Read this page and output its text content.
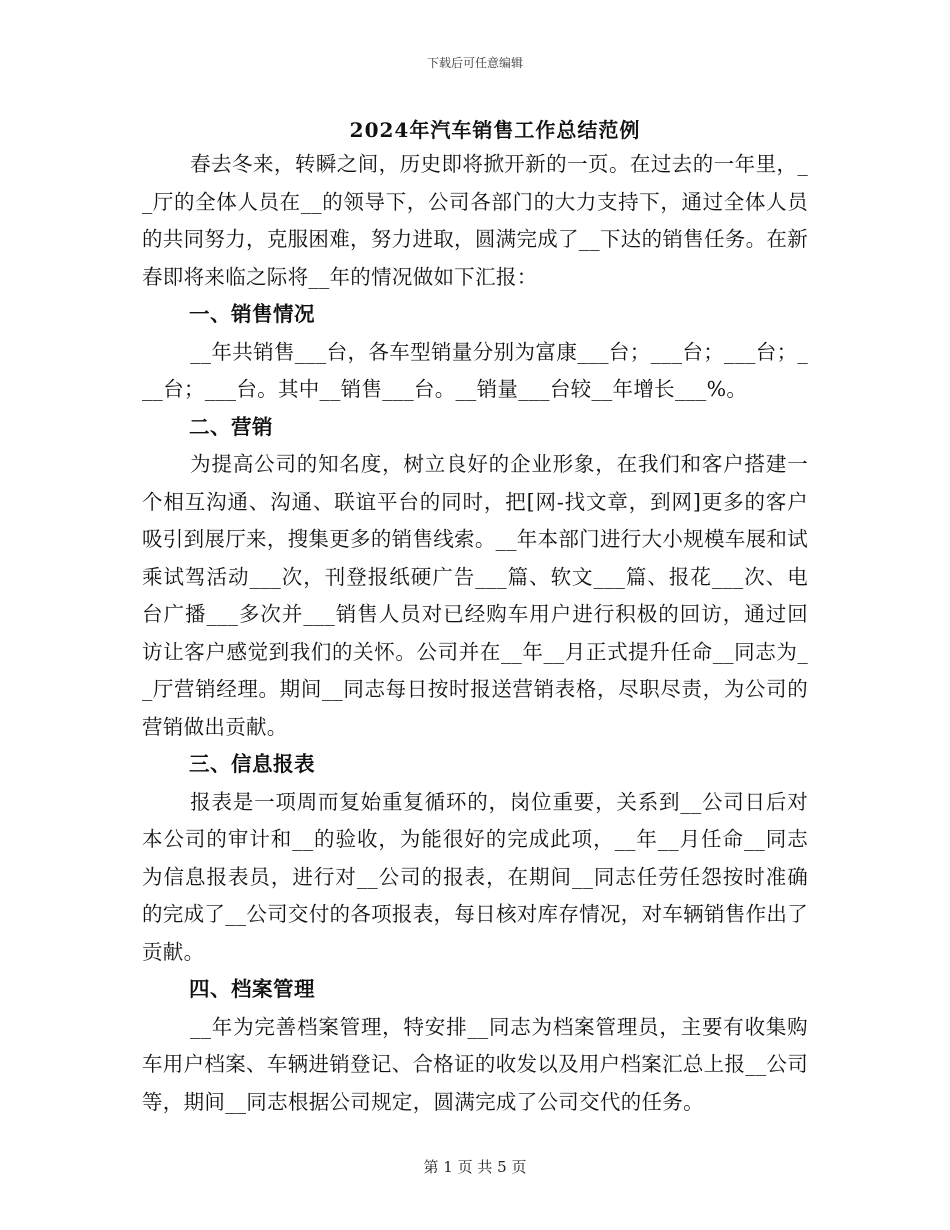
下载后可任意编辑
2024年汽车销售工作总结范例

春去冬来，转瞬之间，历史即将掀开新的一页。在过去的一年里，__厅的全体人员在__的领导下，公司各部门的大力支持下，通过全体人员的共同努力，克服困难，努力进取，圆满完成了__下达的销售任务。在新春即将来临之际将__年的情况做如下汇报：

一、销售情况

__年共销售___台，各车型销量分别为富康___台；___台；___台；___台；___台。其中__销售___台。__销量___台较__年增长___%。

二、营销

为提高公司的知名度，树立良好的企业形象，在我们和客户搭建一个相互沟通、沟通、联谊平台的同时，把[网-找文章，到网]更多的客户吸引到展厅来，搜集更多的销售线索。__年本部门进行大小规模车展和试乘试驾活动___次，刊登报纸硬广告___篇、软文___篇、报花___次、电台广播___多次并___销售人员对已经购车用户进行积极的回访，通过回访让客户感觉到我们的关怀。公司并在__年__月正式提升任命__同志为__厅营销经理。期间__同志每日按时报送营销表格，尽职尽责，为公司的营销做出贡献。

三、信息报表

报表是一项周而复始重复循环的，岗位重要，关系到__公司日后对本公司的审计和__的验收，为能很好的完成此项，__年__月任命__同志为信息报表员，进行对__公司的报表，在期间__同志任劳任怨按时准确的完成了__公司交付的各项报表，每日核对库存情况，对车辆销售作出了贡献。

四、档案管理

__年为完善档案管理，特安排__同志为档案管理员，主要有收集购车用户档案、车辆进销登记、合格证的收发以及用户档案汇总上报__公司等，期间__同志根据公司规定，圆满完成了公司交代的任务。

第 1 页 共 5 页
